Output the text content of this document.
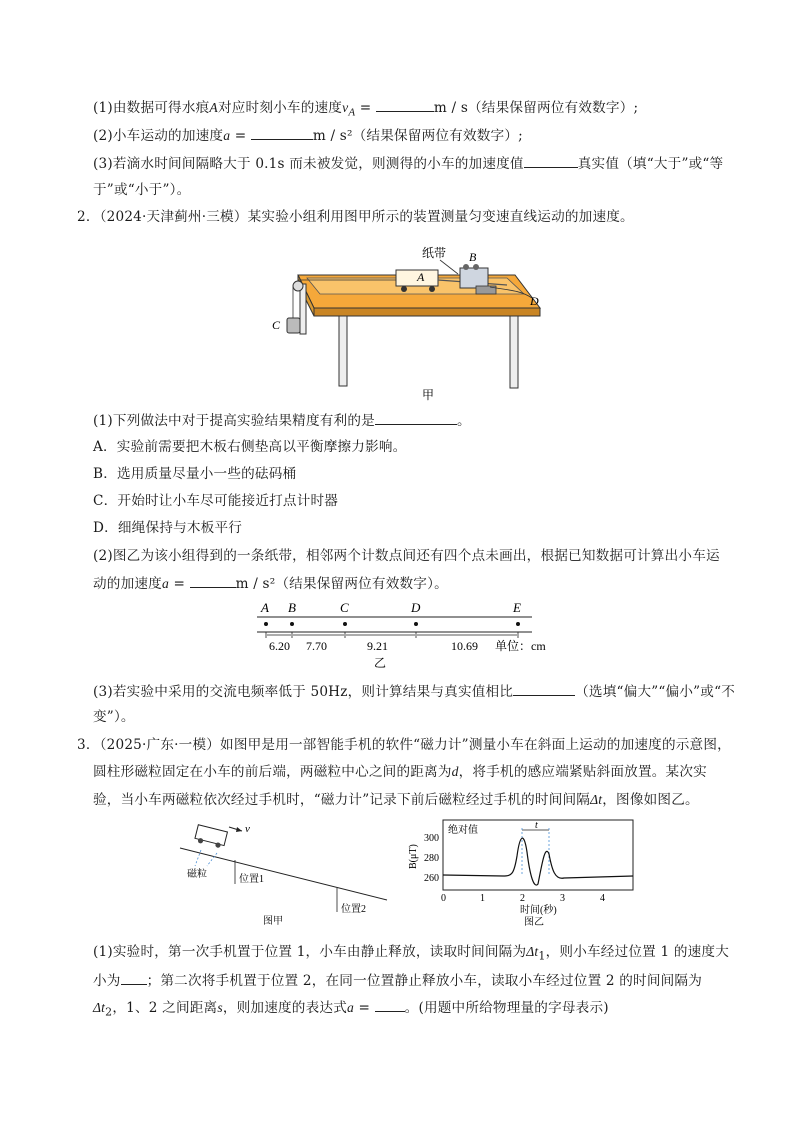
(1)由数据可得水痕A对应时刻小车的速度$v_A$ =	m / s（结果保留两位有效数字）;
(2)小车运动的加速度a =	m / s²（结果保留两位有效数字）;
(3)若滴水时间间隔略大于 0.1s 而未被发觉，则测得的小车的加速度值	真实值（填“大于”或“等
于”或“小于”）。
2．（2024·天津蓟州·三模）某实验小组利用图甲所示的装置测量匀变速直线运动的加速度。
纸带 B
A
C
D
甲
(1)下列做法中对于提高实验结果精度有利的是	。
A．实验前需要把木板右侧垫高以平衡摩擦力影响。
B．选用质量尽量小一些的砝码桶
C．开始时让小车尽可能接近打点计时器
D．细绳保持与木板平行
(2)图乙为该小组得到的一条纸带，相邻两个计数点间还有四个点未画出，根据已知数据可计算出小车运
动的加速度a =	m / s²（结果保留两位有效数字）。
A B	C	D	E
6.20 7.70	9.21	10.69 单位：cm
乙
(3)若实验中采用的交流电频率低于 50Hz，则计算结果与真实值相比	（选填“偏大”“偏小”或“不
变”）。
3．（2025·广东·一模）如图甲是用一部智能手机的软件“磁力计”测量小车在斜面上运动的加速度的示意图，
圆柱形磁粒固定在小车的前后端，两磁粒中心之间的距离为d，将手机的感应端紧贴斜面放置。某次实
验，当小车两磁粒依次经过手机时，“磁力计”记录下前后磁粒经过手机的时间间隔Δt，图像如图乙。
v
磁粒	位置1
位置2
图甲
绝对值	t
300
280
260
B(μT)
0	1	2	3	4
时间(秒)
图乙
(1)实验时，第一次手机置于位置 1，小车由静止释放，读取时间间隔为$\Delta t_1$，则小车经过位置 1 的速度大
小为 ；第二次将手机置于位置 2，在同一位置静止释放小车，读取小车经过位置 2 的时间间隔为
$\Delta t_2$，1、2 之间距离s，则加速度的表达式a =	。(用题中所给物理量的字母表示)
